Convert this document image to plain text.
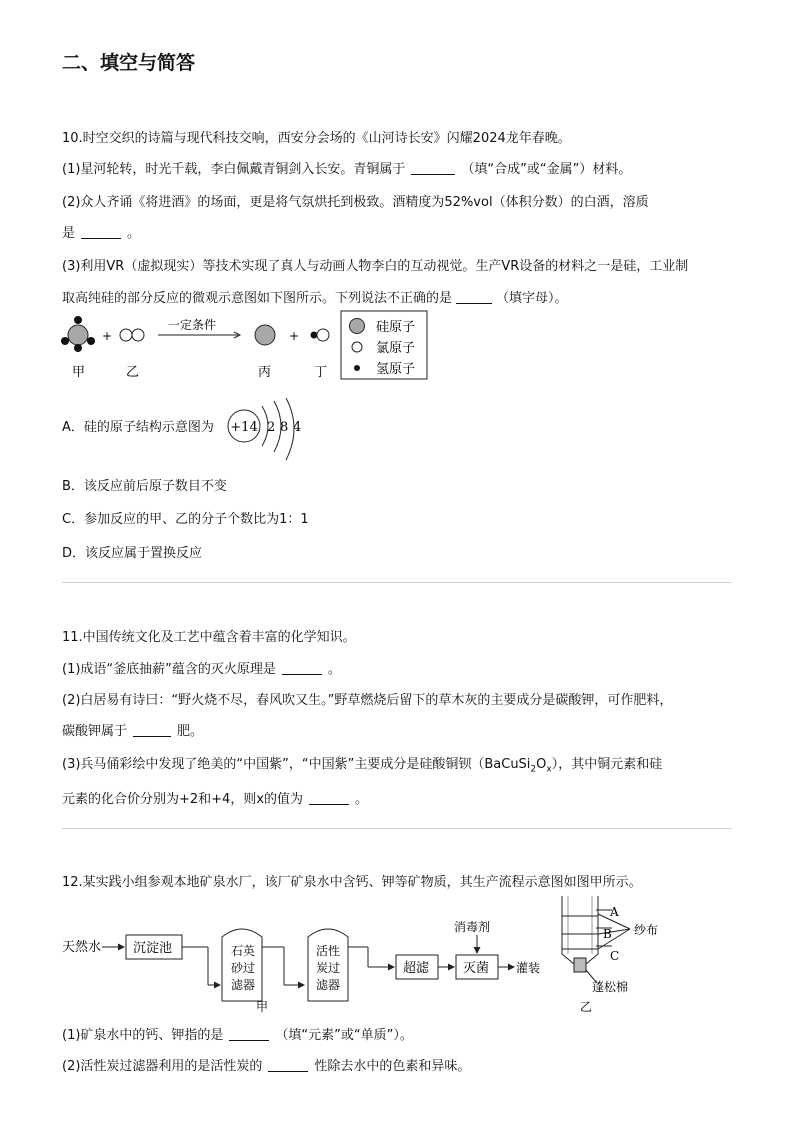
二、填空与简答
10.时空交织的诗篇与现代科技交响，西安分会场的《山河诗长安》闪耀2024龙年春晚。
(1)星河轮转，时光千载，李白佩戴青铜剑入长安。青铜属于	（填“合成”或“金属”）材料。
(2)众人齐诵《将进酒》的场面，更是将气氛烘托到极致。酒精度为52%vol（体积分数）的白酒，溶质
是	。
(3)利用VR（虚拟现实）等技术实现了真人与动画人物李白的互动视觉。生产VR设备的材料之一是硅，工业制
取高纯硅的部分反应的微观示意图如下图所示。下列说法不正确的是	（填字母）。
+
一定条件
+
甲	乙	丙	丁
硅原子
氯原子
氢原子
A．硅的原子结构示意图为 +14 2 8 4
B．该反应前后原子数目不变
C．参加反应的甲、乙的分子个数比为1：1
D．该反应属于置换反应
11.中国传统文化及工艺中蕴含着丰富的化学知识。
(1)成语“釜底抽薪”蕴含的灭火原理是	。
(2)白居易有诗曰：“野火烧不尽，春风吹又生。”野草燃烧后留下的草木灰的主要成分是碳酸钾，可作肥料，
碳酸钾属于	肥。
(3)兵马俑彩绘中发现了绝美的“中国紫”，“中国紫”主要成分是硅酸铜钡$(BaCuSi_2O_x)$，其中铜元素和硅
元素的化合价分别为+2和+4，则x的值为	。
12.某实践小组参观本地矿泉水厂，该厂矿泉水中含钙、钾等矿物质，其生产流程示意图如图甲所示。
天然水 沉淀池	石英
砂过
滤器
甲
活性
炭过
滤器
超滤	灭菌
消毒剂
灌装
A
B
C
纱布
蓬松棉
乙
(1)矿泉水中的钙、钾指的是	（填“元素”或“单质”）。
(2)活性炭过滤器利用的是活性炭的	性除去水中的色素和异味。
